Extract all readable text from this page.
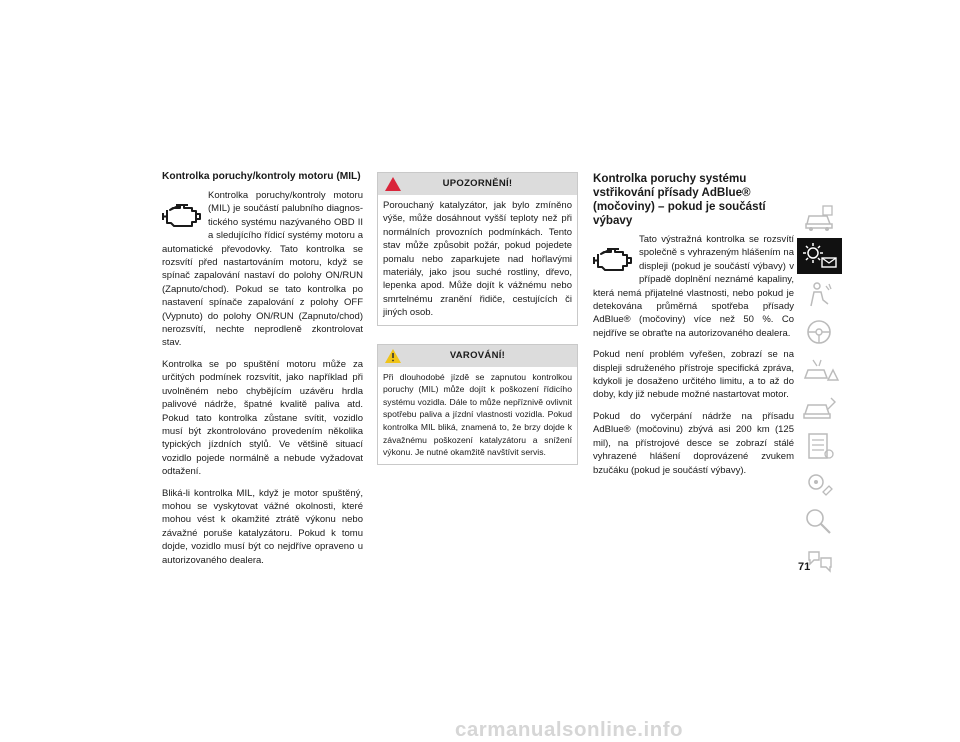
Kontrolka poruchy/kontroly motoru (MIL)
Kontrolka poruchy/kontroly motoru (MIL) je součástí palubního diagnostického systému nazývaného OBD II a sledujícího řídicí systémy motoru a automatické převodovky. Tato kontrolka se rozsvítí před nastartováním motoru, když se spínač zapalování nastaví do polohy ON/RUN (Zapnuto/chod). Pokud se tato kontrolka po nastavení spínače zapalování z polohy OFF (Vypnuto) do polohy ON/RUN (Zapnuto/chod) nerozsvítí, nechte neprodleně zkontrolovat stav.
Kontrolka se po spuštění motoru může za určitých podmínek rozsvítit, jako například při uvolněném nebo chybějícím uzávěru hrdla palivové nádrže, špatné kvalitě paliva atd. Pokud tato kontrolka zůstane svítit, vozidlo musí být zkontrolováno provedením několika typických jízdních stylů. Ve většině situací vozidlo pojede normálně a nebude vyžadovat odtažení.
Bliká-li kontrolka MIL, když je motor spuštěný, mohou se vyskytovat vážné okolnosti, které mohou vést k okamžité ztrátě výkonu nebo závažné poruše katalyzátoru. Pokud k tomu dojde, vozidlo musí být co nejdříve opraveno u autorizovaného dealera.
UPOZORNĚNÍ!
Porouchaný katalyzátor, jak bylo zmíněno výše, může dosáhnout vyšší teploty než při normálních provozních podmínkách. Tento stav může způsobit požár, pokud pojedete pomalu nebo zaparkujete nad hořlavými materiály, jako jsou suché rostliny, dřevo, lepenka apod. Může dojít k vážnému nebo smrtelnému zranění řidiče, cestujících či jiných osob.
VAROVÁNÍ!
Při dlouhodobé jízdě se zapnutou kontrolkou poruchy (MIL) může dojít k poškození řídicího systému vozidla. Dále to může nepříznivě ovlivnit spotřebu paliva a jízdní vlastnosti vozidla. Pokud kontrolka MIL bliká, znamená to, že brzy dojde k závažnému poškození katalyzátoru a snížení výkonu. Je nutné okamžitě navštívit servis.
Kontrolka poruchy systému vstřikování přísady AdBlue® (močoviny) – pokud je součástí výbavy
Tato výstražná kontrolka se rozsvítí společně s vyhrazeným hlášením na displeji (pokud je součástí výbavy) v případě doplnění neznámé kapaliny, která nemá přijatelné vlastnosti, nebo pokud je detekována průměrná spotřeba přísady AdBlue® (močoviny) více než 50 %. Co nejdříve se obraťte na autorizovaného dealera.
Pokud není problém vyřešen, zobrazí se na displeji sdruženého přístroje specifická zpráva, kdykoli je dosaženo určitého limitu, a to až do doby, kdy již nebude možné nastartovat motor.
Pokud do vyčerpání nádrže na přísadu AdBlue® (močovinu) zbývá asi 200 km (125 mil), na přístrojové desce se zobrazí stálé vyhrazené hlášení doprovázené zvukem bzučáku (pokud je součástí výbavy).
71
carmanualsonline.info
